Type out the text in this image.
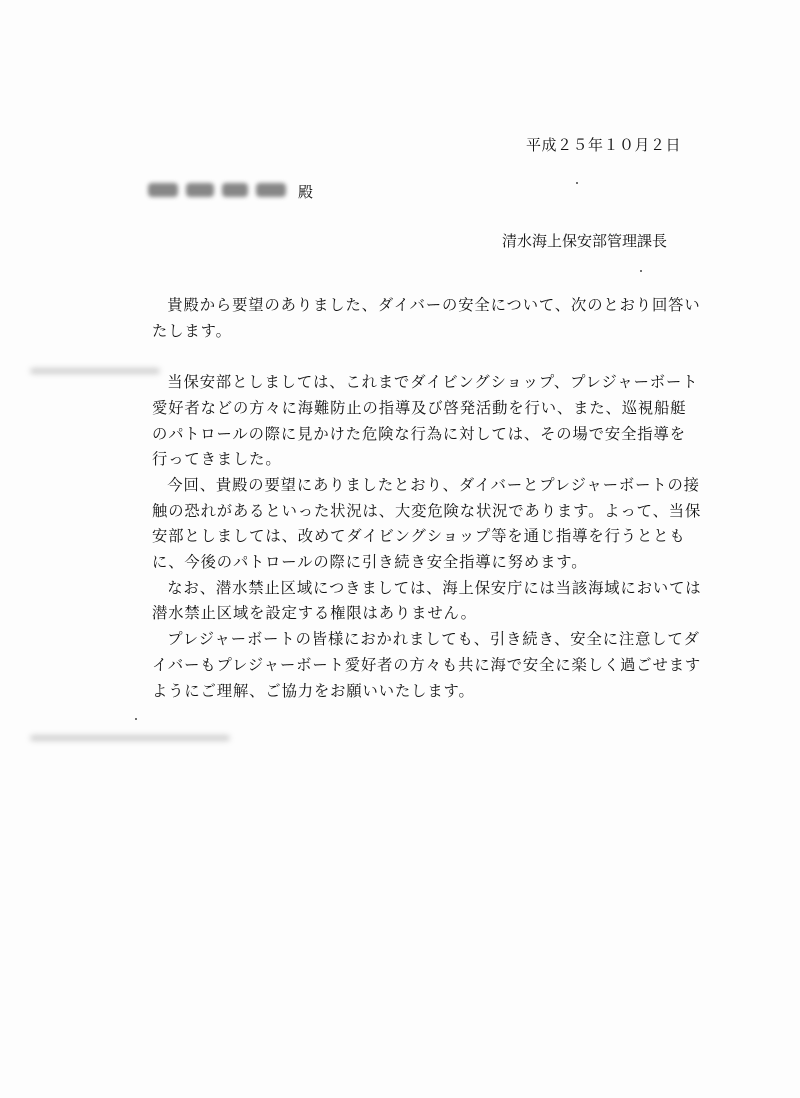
平成２５年１０月２日
殿
清水海上保安部管理課長

貴殿から要望のありました、ダイバーの安全について、次のとおり回答いたします。

当保安部としましては、これまでダイビングショップ、プレジャーボート愛好者などの方々に海難防止の指導及び啓発活動を行い、また、巡視船艇のパトロールの際に見かけた危険な行為に対しては、その場で安全指導を行ってきました。

今回、貴殿の要望にありましたとおり、ダイバーとプレジャーボートの接触の恐れがあるといった状況は、大変危険な状況であります。よって、当保安部としましては、改めてダイビングショップ等を通じ指導を行うとともに、今後のパトロールの際に引き続き安全指導に努めます。

なお、潜水禁止区域につきましては、海上保安庁には当該海域においては潜水禁止区域を設定する権限はありません。

プレジャーボートの皆様におかれましても、引き続き、安全に注意してダイバーもプレジャーボート愛好者の方々も共に海で安全に楽しく過ごせますようにご理解、ご協力をお願いいたします。
